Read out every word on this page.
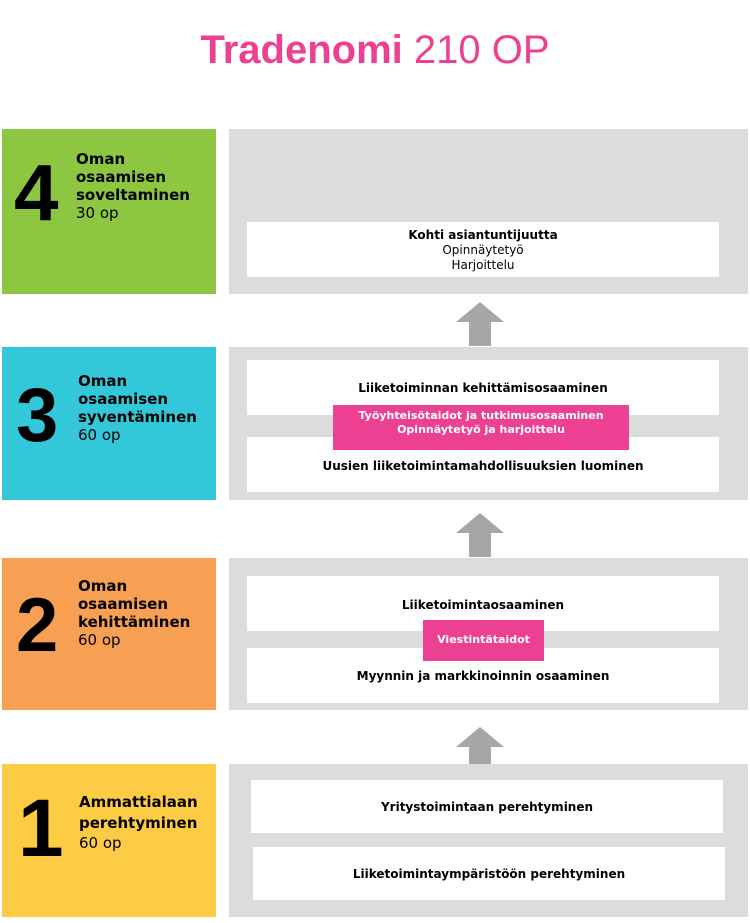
Tradenomi 210 OP
4 Oman
osaamisen
soveltaminen
30 op
Kohti asiantuntijuutta
Opinnäytetyö
Harjoittelu
3 Oman
osaamisen
syventäminen
60 op
Liiketoiminnan kehittämisosaaminen
Uusien liiketoimintamahdollisuuksien luominen
Työyhteisötaidot ja tutkimusosaaminen
Opinnäytetyö ja harjoittelu
2 Oman
osaamisen
kehittäminen
60 op
Liiketoimintaosaaminen
Myynnin ja markkinoinnin osaaminen
Viestintätaidot
1 Ammattialaan
perehtyminen
60 op
Yritystoimintaan perehtyminen
Liiketoimintaympäristöön perehtyminen
